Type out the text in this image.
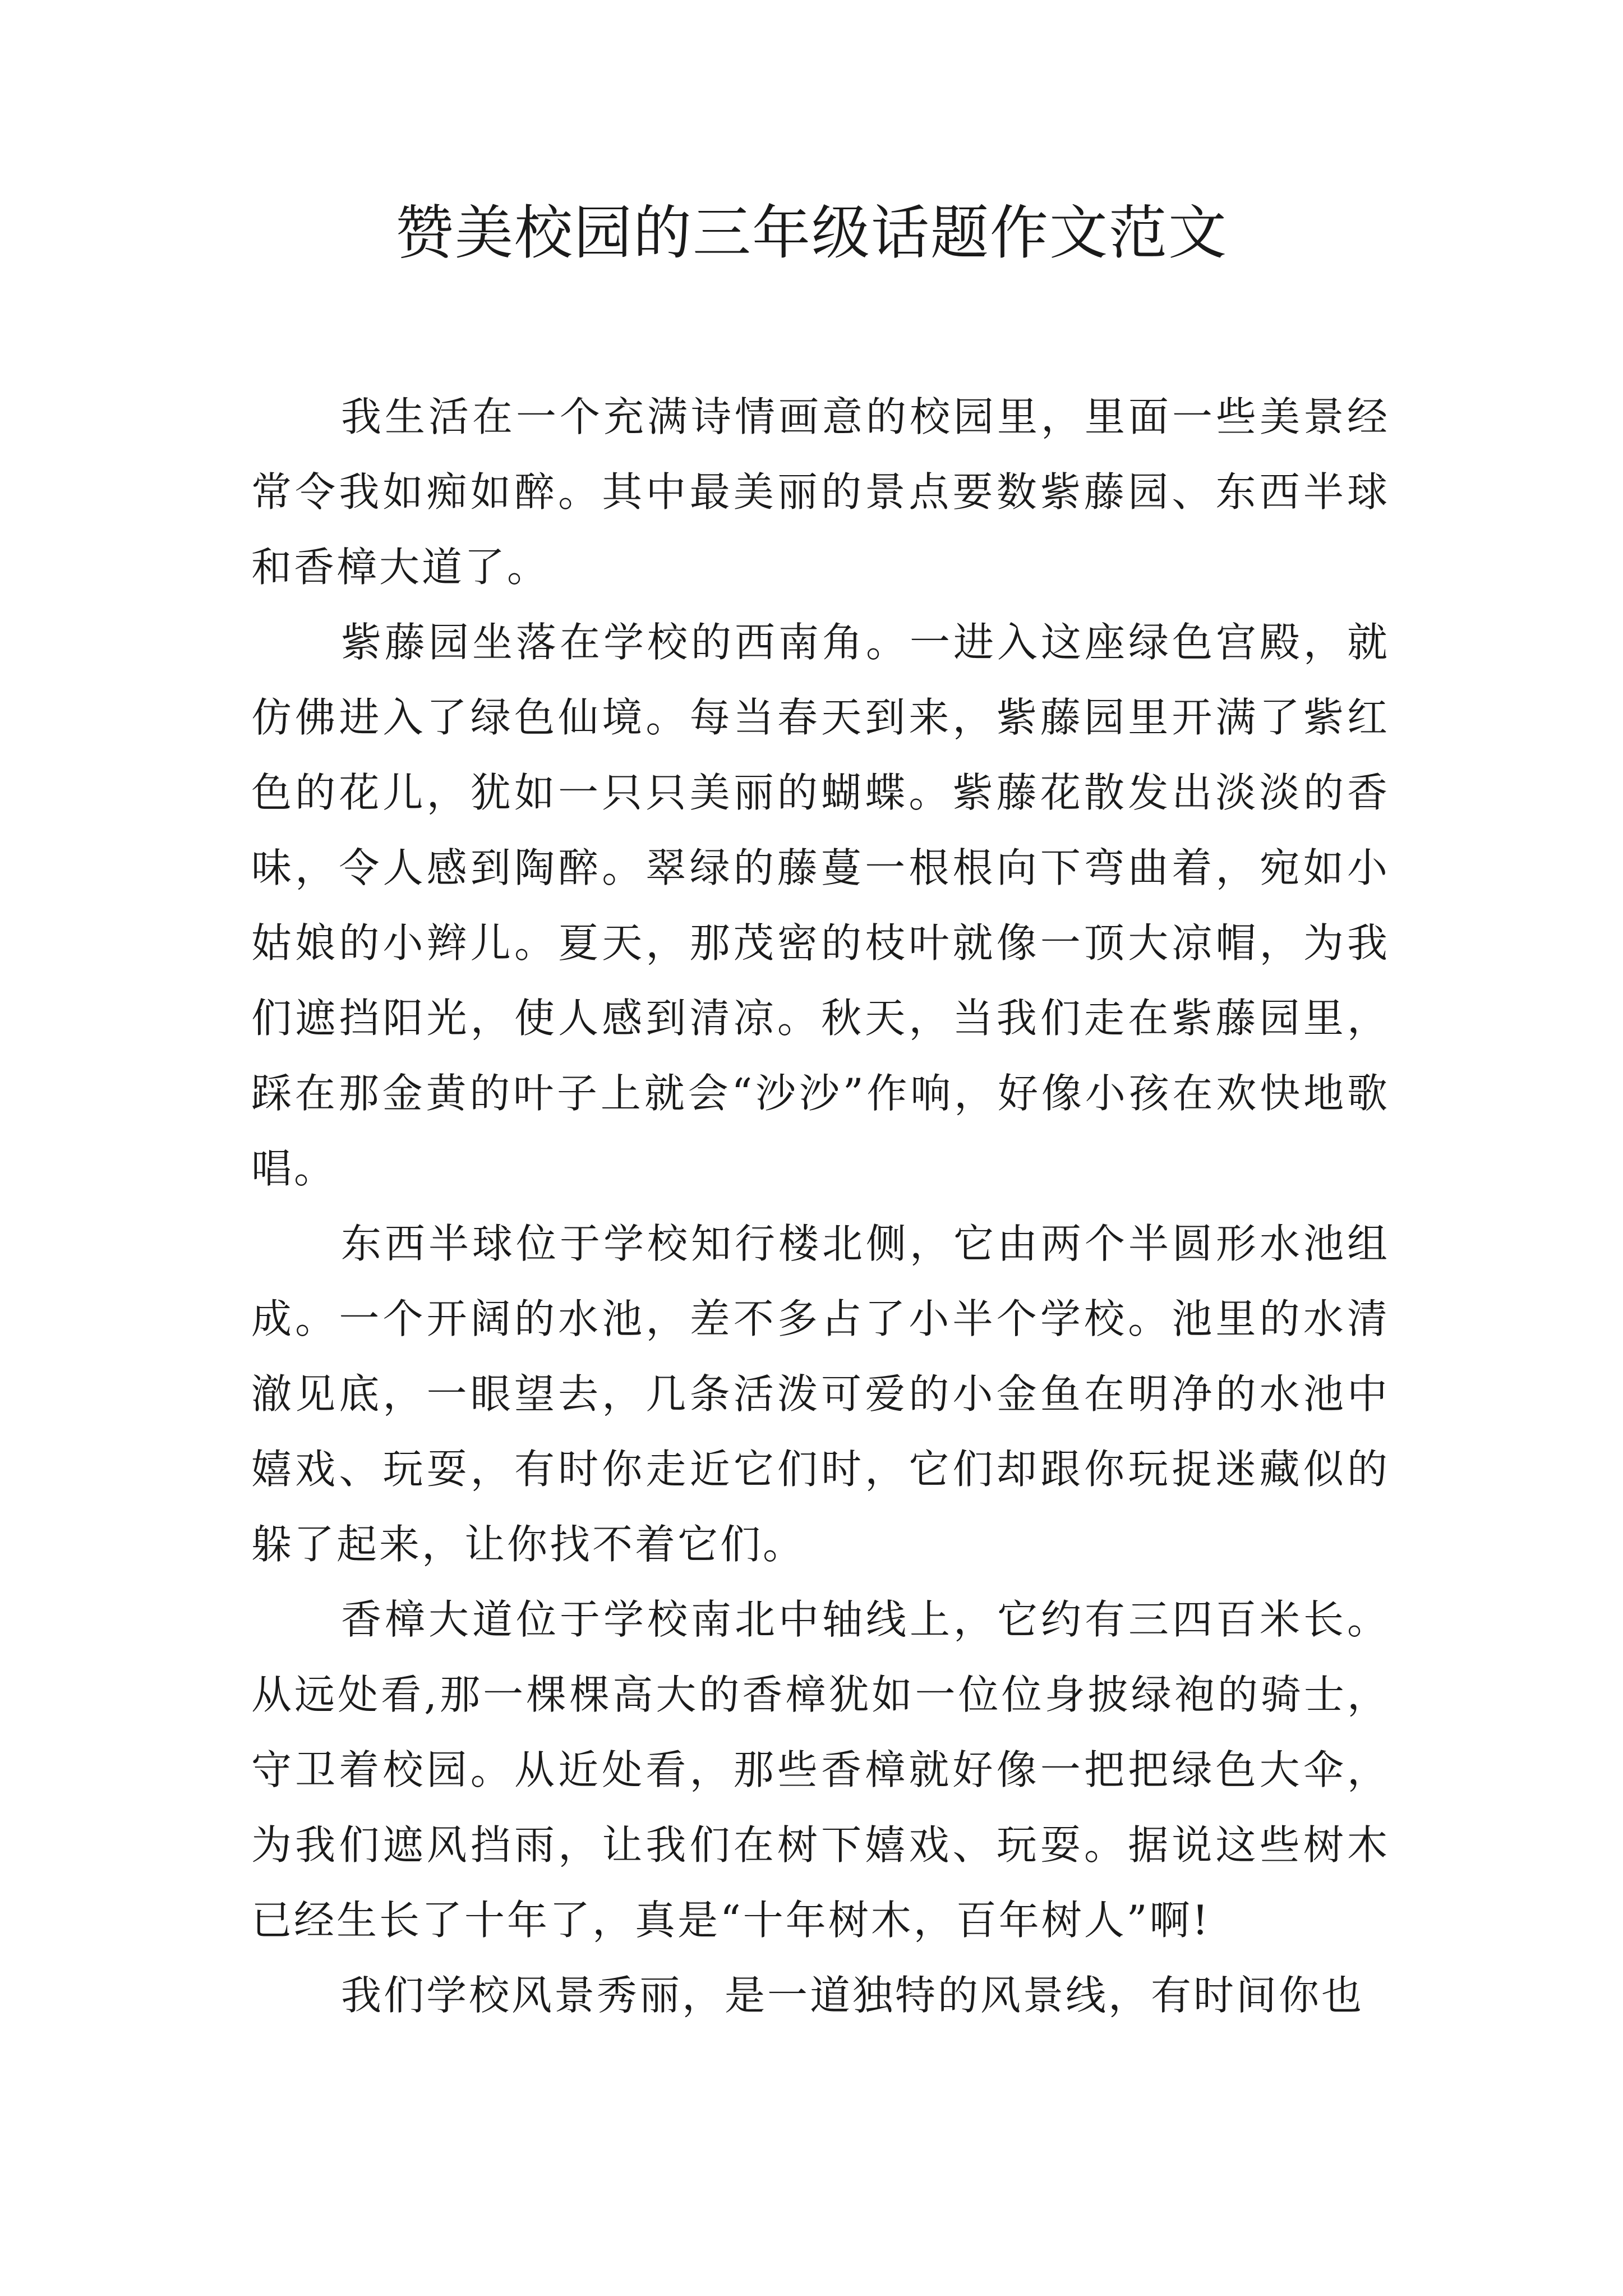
赞美校园的三年级话题作文范文

我生活在一个充满诗情画意的校园里，里面一些美景经常令我如痴如醉。其中最美丽的景点要数紫藤园、东西半球和香樟大道了。

紫藤园坐落在学校的西南角。一进入这座绿色宫殿，就仿佛进入了绿色仙境。每当春天到来，紫藤园里开满了紫红色的花儿，犹如一只只美丽的蝴蝶。紫藤花散发出淡淡的香味，令人感到陶醉。翠绿的藤蔓一根根向下弯曲着，宛如小姑娘的小辫儿。夏天，那茂密的枝叶就像一顶大凉帽，为我们遮挡阳光，使人感到清凉。秋天，当我们走在紫藤园里，踩在那金黄的叶子上就会“沙沙”作响，好像小孩在欢快地歌唱。

东西半球位于学校知行楼北侧，它由两个半圆形水池组成。一个开阔的水池，差不多占了小半个学校。池里的水清澈见底，一眼望去，几条活泼可爱的小金鱼在明净的水池中嬉戏、玩耍，有时你走近它们时，它们却跟你玩捉迷藏似的躲了起来，让你找不着它们。

香樟大道位于学校南北中轴线上，它约有三四百米长。从远处看,那一棵棵高大的香樟犹如一位位身披绿袍的骑士，守卫着校园。从近处看，那些香樟就好像一把把绿色大伞，为我们遮风挡雨，让我们在树下嬉戏、玩耍。据说这些树木已经生长了十年了，真是“十年树木，百年树人”啊!

我们学校风景秀丽，是一道独特的风景线，有时间你也
